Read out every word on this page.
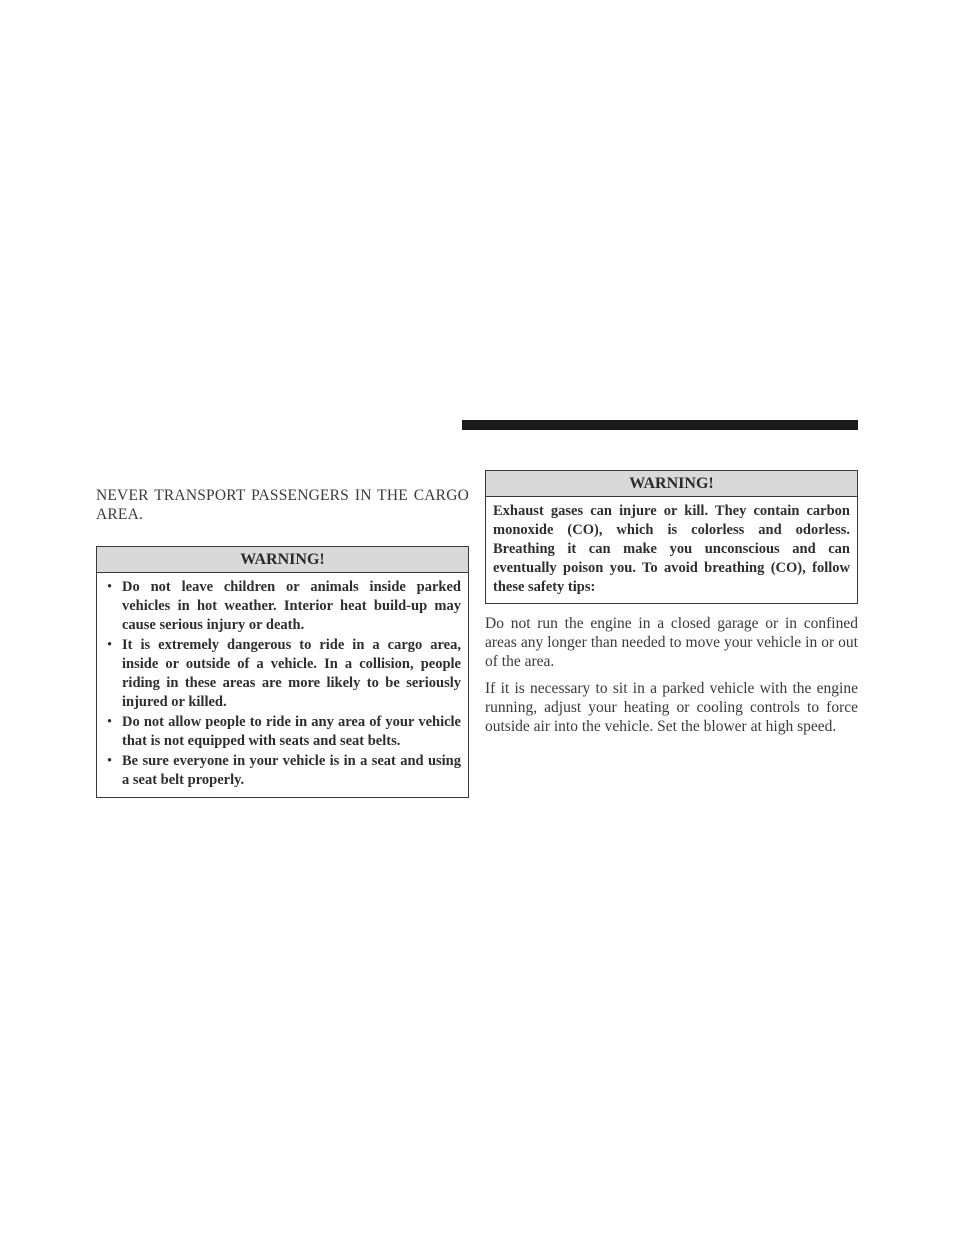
NEVER TRANSPORT PASSENGERS IN THE CARGO AREA.

WARNING!
• Do not leave children or animals inside parked vehicles in hot weather. Interior heat build-up may cause serious injury or death.
• It is extremely dangerous to ride in a cargo area, inside or outside of a vehicle. In a collision, people riding in these areas are more likely to be seriously injured or killed.
• Do not allow people to ride in any area of your vehicle that is not equipped with seats and seat belts.
• Be sure everyone in your vehicle is in a seat and using a seat belt properly.
WARNING!
Exhaust gases can injure or kill. They contain carbon monoxide (CO), which is colorless and odorless. Breathing it can make you unconscious and can eventually poison you. To avoid breathing (CO), follow these safety tips:

Do not run the engine in a closed garage or in confined areas any longer than needed to move your vehicle in or out of the area.

If it is necessary to sit in a parked vehicle with the engine running, adjust your heating or cooling controls to force outside air into the vehicle. Set the blower at high speed.
